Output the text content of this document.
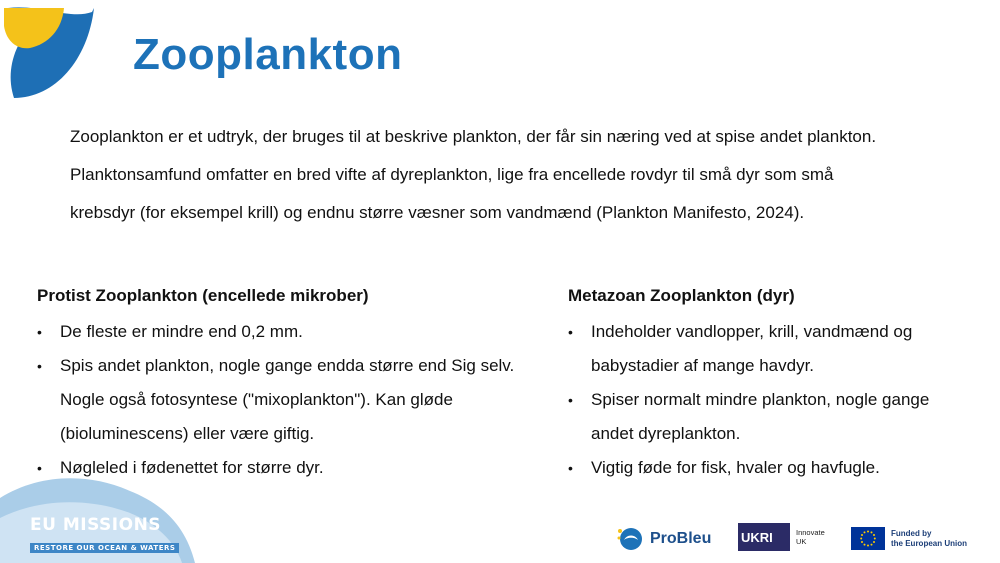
Zooplankton

Zooplankton er et udtryk, der bruges til at beskrive plankton, der får sin næring ved at spise andet plankton.

Planktonsamfund omfatter en bred vifte af dyreplankton, lige fra encellede rovdyr til små dyr som små

krebsdyr (for eksempel krill) og endnu større væsner som vandmænd (Plankton Manifesto, 2024).

Protist Zooplankton (encellede mikrober)
• De fleste er mindre end 0,2 mm.
• Spis andet plankton, nogle gange endda større end Sig selv. Nogle også fotosyntese ("mixoplankton"). Kan gløde (bioluminescens) eller være giftig.
• Nøgleled i fødenettet for større dyr.
Metazoan Zooplankton (dyr)
• Indeholder vandlopper, krill, vandmænd og babystadier af mange havdyr.
• Spiser normalt mindre plankton, nogle gange andet dyreplankton.
• Vigtig føde for fisk, hvaler og havfugle.
EU MISSIONS
RESTORE OUR OCEAN & WATERS
ProBleu UKRI	Innovate
UK
Funded by
the European Union
